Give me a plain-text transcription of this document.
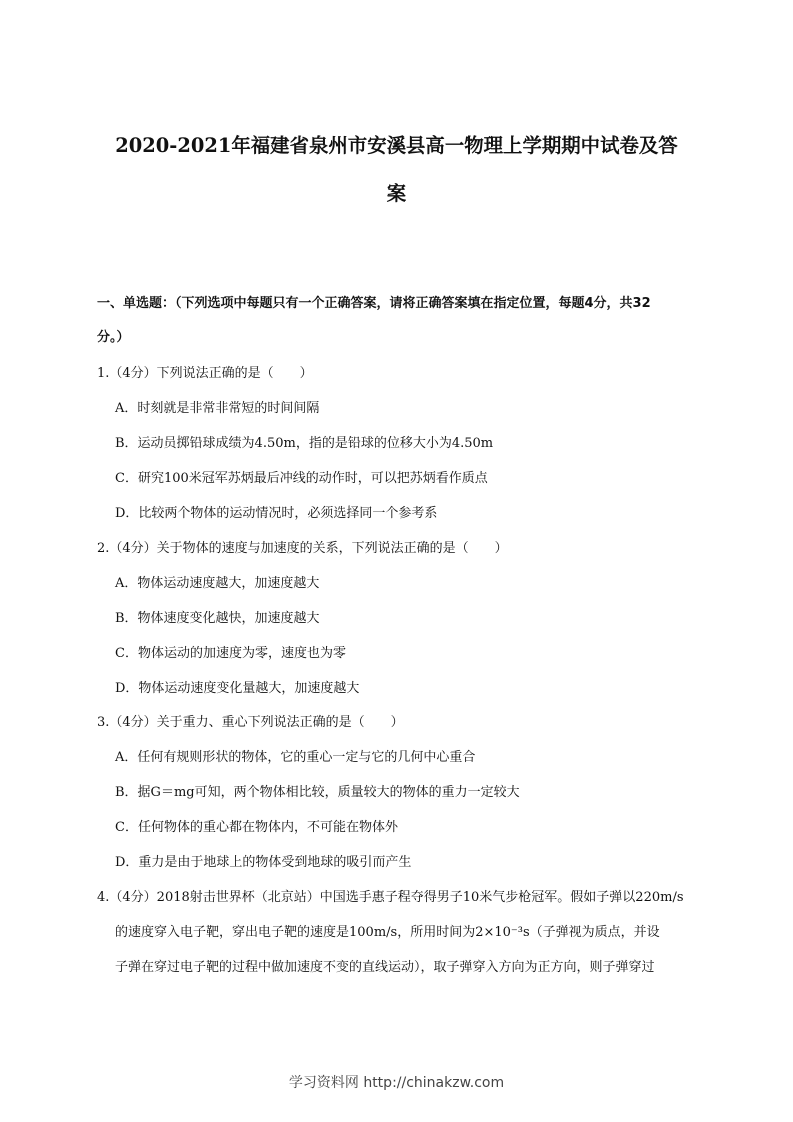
2020-2021年福建省泉州市安溪县高一物理上学期期中试卷及答
案
一、单选题：（下列选项中每题只有一个正确答案，请将正确答案填在指定位置，每题4分，共32
分。）
1.（4分）下列说法正确的是（　　）
A．时刻就是非常非常短的时间间隔
B．运动员掷铅球成绩为4.50m，指的是铅球的位移大小为4.50m
C．研究100米冠军苏炳最后冲线的动作时，可以把苏炳看作质点
D．比较两个物体的运动情况时，必须选择同一个参考系
2.（4分）关于物体的速度与加速度的关系，下列说法正确的是（　　）
A．物体运动速度越大，加速度越大
B．物体速度变化越快，加速度越大
C．物体运动的加速度为零，速度也为零
D．物体运动速度变化量越大，加速度越大
3.（4分）关于重力、重心下列说法正确的是（　　）
A．任何有规则形状的物体，它的重心一定与它的几何中心重合
B．据G＝mg可知，两个物体相比较，质量较大的物体的重力一定较大
C．任何物体的重心都在物体内，不可能在物体外
D．重力是由于地球上的物体受到地球的吸引而产生
4.（4分）2018射击世界杯（北京站）中国选手惠子程夺得男子10米气步枪冠军。假如子弹以220m/s
的速度穿入电子靶，穿出电子靶的速度是100m/s，所用时间为2×10⁻³s（子弹视为质点，并设
子弹在穿过电子靶的过程中做加速度不变的直线运动），取子弹穿入方向为正方向，则子弹穿过
学习资料网 http://chinakzw.com
